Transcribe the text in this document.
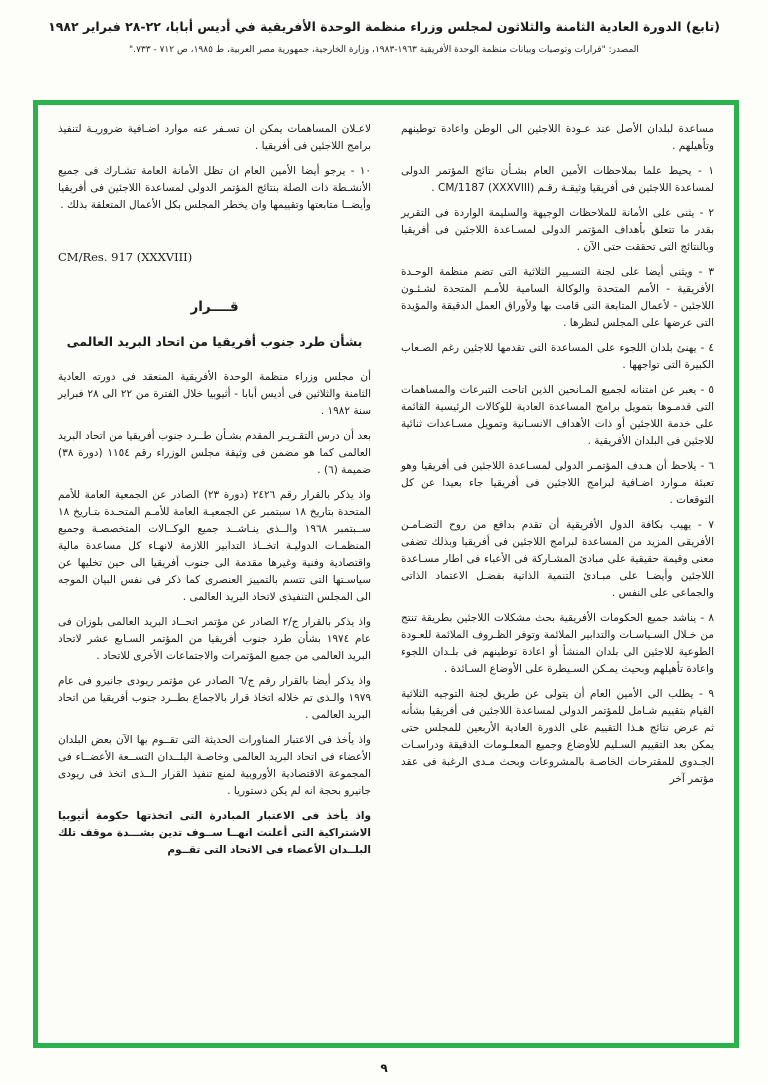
(تابع) الدورة العادية الثامنة والثلاثون لمجلس وزراء منظمة الوحدة الأفريقية في أديس أبابا، ٢٢-٢٨ فبراير ١٩٨٢
المصدر: "قرارات وتوصيات وبيانات منظمة الوحدة الأفريقية ١٩٦٣-١٩٨٣، وزارة الخارجية، جمهورية مصر العربية، ط ١٩٨٥، ص ٧١٢ - ٧٣٣."

مساعدة لبلدان الأصل عند عـودة اللاجئين الى الوطن واعادة توطينهم وتأهيلهم .

١ - يحيط علما بملاحظات الأمين العام بشـأن نتائج المؤتمر الدولى لمساعدة اللاجئين فى أفريقيا وثيقـة رقـم CM/1187 (XXXVIII) .

٢ - يثنى على الأمانة للملاحظات الوجيهة والسليمة الواردة فى التقرير بقدر ما تتعلق بأهداف المؤتمر الدولى لمسـاعدة اللاجئين فى أفريقيا وبالنتائج التى تحققت حتى الآن .

٣ - ويثنى أيضا على لجنة التسـيير الثلاثية التى تضم منظمة الوحـدة الأفريقية - الأمم المتحدة والوكالة السامية للأمـم المتحدة لشـئـون اللاجئين - لأعمال المتابعة التى قامت بها ولأوراق العمل الدقيقة والمؤيدة التى عرضها على المجلس لنظرها .

٤ - يهنئ بلدان اللجوء على المساعدة التى تقدمها للاجئين رغم الصـعاب الكبيرة التى تواجهها .

٥ - يعبر عن امتنانه لجميع المـانحين الذين اتاحت التبرعات والمساهمات التى قدمـوها بتمويل برامج المساعدة العادية للوكالات الرئيسية القائمة على خدمة اللاجئين أو ذات الأهداف الانسـانية وتمويل مسـاعدات ثنائية للاجئين فى البلدان الأفريقية .

٦ - يلاحظ أن هـدف المؤتمـر الدولى لمسـاعدة اللاجئين فى أفريقيا وهو تعبئة مـوارد اضـافية لبرامج اللاجئين فى أفريقيا جاء بعيدا عن كل التوقعات .

٧ - يهيب بكافة الدول الأفريقية أن تقدم بدافع من روح التضـامـن الأفريقى المزيد من المساعدة لبرامج اللاجئين فى أفريقيا وبذلك تضفى معنى وقيمة حقيقية على مبادئ المشـاركة فى الأعباء فى اطار مسـاعدة اللاجئين وأيضـا على مبـادئ التنمية الذاتية بفضـل الاعتماد الذاتى والجماعى على النفس .

٨ - يناشد جميع الحكومات الأفريقية بحث مشكلات اللاجئين بطريقة تنتج من خـلال السـياسـات والتدابير الملائمة وتوفر الظـروف الملائمة للعـودة الطوعية للاجئين الى بلدان المنشأ أو اعادة توطينهم فى بلـدان اللجوء واعادة تأهيلهم وبحيث يمـكن السـيطرة على الأوضاع السـائدة .

٩ - يطلب الى الأمين العام أن يتولى عن طريق لجنة التوجيه الثلاثية القيام بتقييم شـامل للمؤتمر الدولى لمساعدة اللاجئين فى أفريقيا بشأنه ثم عرض نتائج هـذا التقييم على الدورة العادية الأربعين للمجلس حتى يمكن بعد التقييم السـليم للأوضاع وجميع المعلـومات الدقيقة ودراسـات الجـدوى للمقترحات الخاصـة بالمشروعات وبحث مـدى الرغبة فى عقد مؤتمر آخر

لاعـلان المساهمات يمكن ان تسـفر عنه موارد اضـافية ضروريـة لتنفيذ برامج اللاجئين فى أفريقيا .

١٠ - يرجو أيضا الأمين العام ان تظل الأمانة العامة تشـارك فى جميع الأنشـطة ذات الصلة بنتائج المؤتمر الدولى لمساعدة اللاجئين فى أفريقيا وأيضــا متابعتها وتقييمها وان يخطر المجلس بكل الأعمال المتعلقة بذلك .

CM/Res. 917 (XXXVIII)
قــــرار
بشأن طرد جنوب أفريقيا من اتحاد البريد العالمى

أن مجلس وزراء منظمة الوحدة الأفريقية المنعقد فى دورته العادية الثامنة والثلاثين فى أديس أبابا - أثيوبيا خلال الفترة من ٢٢ الى ٢٨ فبراير سنة ١٩٨٢ .

بعد أن درس التقـريـر المقدم بشـأن طــرد جنوب أفريقيا من اتحاد البريد العالمى كما هو مضمن فى وثيقة مجلس الوزراء رقم ١١٥٤ (دورة ٣٨) ضميمة (٦) .

واذ يذكر بالقرار رقم ٢٤٢٦ (دورة ٢٣) الصادر عن الجمعية العامة للأمم المتحدة بتاريخ ١٨ سبتمبر عن الجمعيـة العامة للأمـم المتحـدة بتـاريخ ١٨ ســبتمبر ١٩٦٨ والــذى ينـاشــد جميع الوكــالات المتخصصـة وجميع المنظمـات الدوليـة اتخــاذ التدابير اللازمة لانهـاء كل مساعدة مالية واقتصادية وفنية وغيرها مقدمة الى جنوب أفريقيا الى حين تخليها عن سياسـتها التى تتسم بالتمييز العنصرى كما ذكر فى نفس البيان الموجه الى المجلس التنفيذى لاتحاد البريد العالمى .

واذ يذكر بالقرار ج/٢ الصادر عن مؤتمر اتحــاد البريد العالمى بلوزان فى عام ١٩٧٤ بشأن طرد جنوب أفريقيا من المؤتمر السـابع عشر لاتحاد البريد العالمى من جميع المؤتمرات والاجتماعات الأخرى للاتحاد .

واذ يذكر أيضا بالقرار رقم ج/٦ الصادر عن مؤتمر ريودى جانيرو فى عام ١٩٧٩ والـذى تم خلاله اتخاذ قرار بالاجماع بطــرد جنوب أفريقيا من اتحاد البريد العالمى .

واذ يأخذ فى الاعتبار المناورات الحديثة التى تقــوم بها الآن بعض البلدان الأعضاء فى اتحاد البريد العالمى وخاصـة البلــدان التســعة الأعضــاء فى المجموعة الاقتصادية الأوروبية لمنع تنفيذ القرار الــذى اتخذ فى ريودى جانيرو بحجة انه لم يكن دستوريا .

واذ يأخذ فى الاعتبار المبادرة التى اتخذتها حكومة أثيوبيا الاشتراكية التى أعلنت انهــا ســوف تدين بشـــدة موقف تلك البلــدان الأعضاء فى الاتحاد التى تقــوم

٩
